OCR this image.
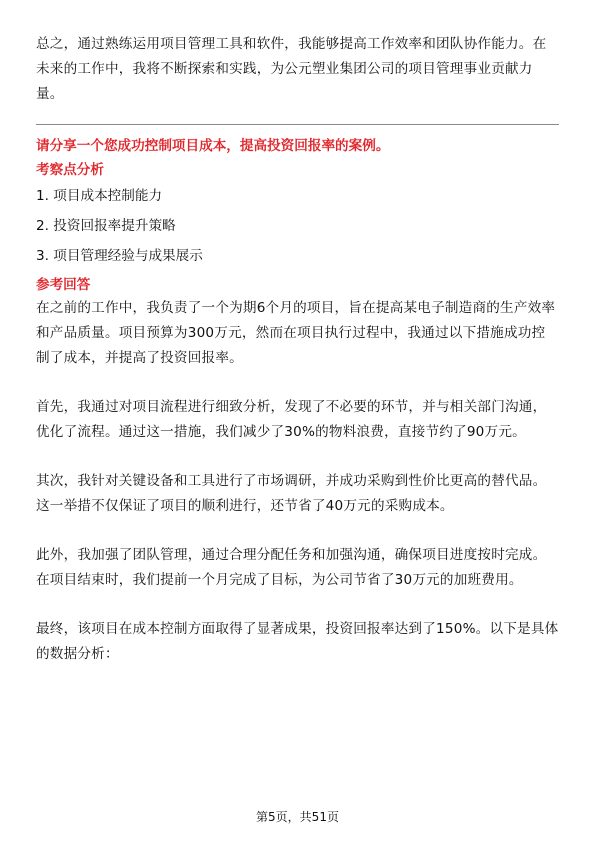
总之，通过熟练运用项目管理工具和软件，我能够提高工作效率和团队协作能力。在未来的工作中，我将不断探索和实践，为公元塑业集团公司的项目管理事业贡献力量。

请分享一个您成功控制项目成本，提高投资回报率的案例。

考察点分析

1. 项目成本控制能力
2. 投资回报率提升策略
3. 项目管理经验与成果展示

参考回答

在之前的工作中，我负责了一个为期6个月的项目，旨在提高某电子制造商的生产效率和产品质量。项目预算为300万元，然而在项目执行过程中，我通过以下措施成功控制了成本，并提高了投资回报率。

首先，我通过对项目流程进行细致分析，发现了不必要的环节，并与相关部门沟通，优化了流程。通过这一措施，我们减少了30%的物料浪费，直接节约了90万元。

其次，我针对关键设备和工具进行了市场调研，并成功采购到性价比更高的替代品。这一举措不仅保证了项目的顺利进行，还节省了40万元的采购成本。

此外，我加强了团队管理，通过合理分配任务和加强沟通，确保项目进度按时完成。在项目结束时，我们提前一个月完成了目标，为公司节省了30万元的加班费用。

最终，该项目在成本控制方面取得了显著成果，投资回报率达到了150%。以下是具体的数据分析：

第5页，共51页
